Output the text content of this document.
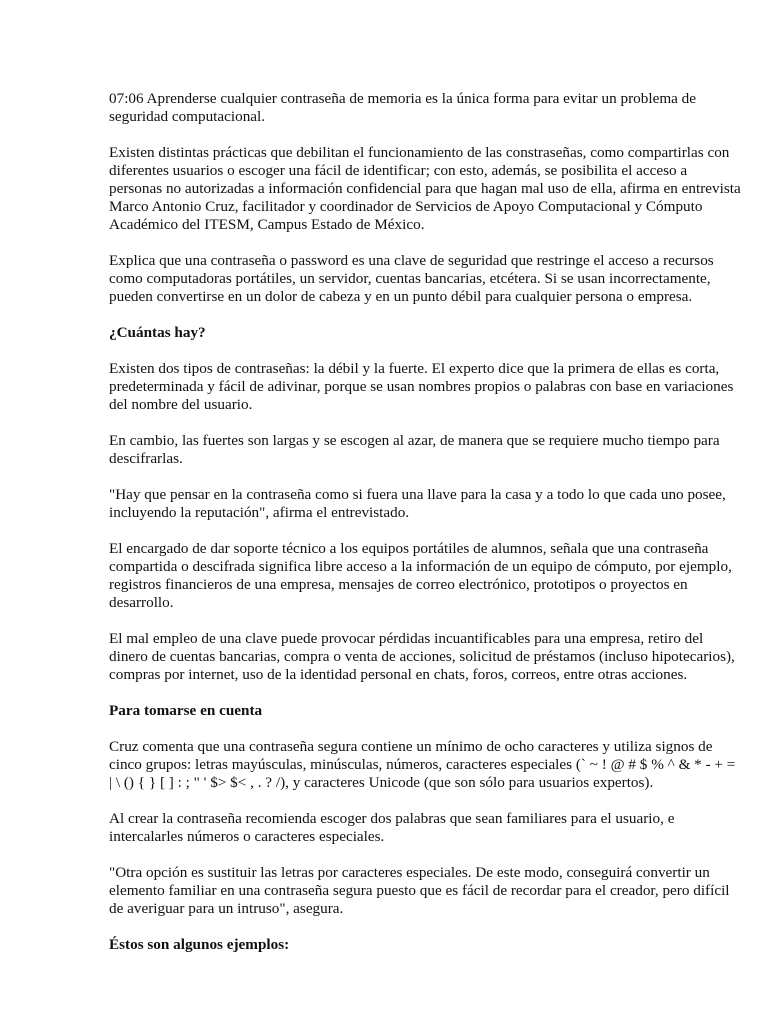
07:06 Aprenderse cualquier contraseña de memoria es la única forma para evitar un problema de seguridad computacional.

Existen distintas prácticas que debilitan el funcionamiento de las constraseñas, como compartirlas con diferentes usuarios o escoger una fácil de identificar; con esto, además, se posibilita el acceso a personas no autorizadas a información confidencial para que hagan mal uso de ella, afirma en entrevista Marco Antonio Cruz, facilitador y coordinador de Servicios de Apoyo Computacional y Cómputo Académico del ITESM, Campus Estado de México.

Explica que una contraseña o password es una clave de seguridad que restringe el acceso a recursos como computadoras portátiles, un servidor, cuentas bancarias, etcétera. Si se usan incorrectamente, pueden convertirse en un dolor de cabeza y en un punto débil para cualquier persona o empresa.

¿Cuántas hay?

Existen dos tipos de contraseñas: la débil y la fuerte. El experto dice que la primera de ellas es corta, predeterminada y fácil de adivinar, porque se usan nombres propios o palabras con base en variaciones del nombre del usuario.

En cambio, las fuertes son largas y se escogen al azar, de manera que se requiere mucho tiempo para descifrarlas.

"Hay que pensar en la contraseña como si fuera una llave para la casa y a todo lo que cada uno posee, incluyendo la reputación", afirma el entrevistado.

El encargado de dar soporte técnico a los equipos portátiles de alumnos, señala que una contraseña compartida o descifrada significa libre acceso a la información de un equipo de cómputo, por ejemplo, registros financieros de una empresa, mensajes de correo electrónico, prototipos o proyectos en desarrollo.

El mal empleo de una clave puede provocar pérdidas incuantificables para una empresa, retiro del dinero de cuentas bancarias, compra o venta de acciones, solicitud de préstamos (incluso hipotecarios), compras por internet, uso de la identidad personal en chats, foros, correos, entre otras acciones.

Para tomarse en cuenta

Cruz comenta que una contraseña segura contiene un mínimo de ocho caracteres y utiliza signos de cinco grupos: letras mayúsculas, minúsculas, números, caracteres especiales (` ~ ! @ # $ % ^ & * - + = | \ () { } [ ] : ; " ' $> $< , . ? /), y caracteres Unicode (que son sólo para usuarios expertos).

Al crear la contraseña recomienda escoger dos palabras que sean familiares para el usuario, e intercalarles números o caracteres especiales.

"Otra opción es sustituir las letras por caracteres especiales. De este modo, conseguirá convertir un elemento familiar en una contraseña segura puesto que es fácil de recordar para el creador, pero difícil de averiguar para un intruso", asegura.

Éstos son algunos ejemplos:
